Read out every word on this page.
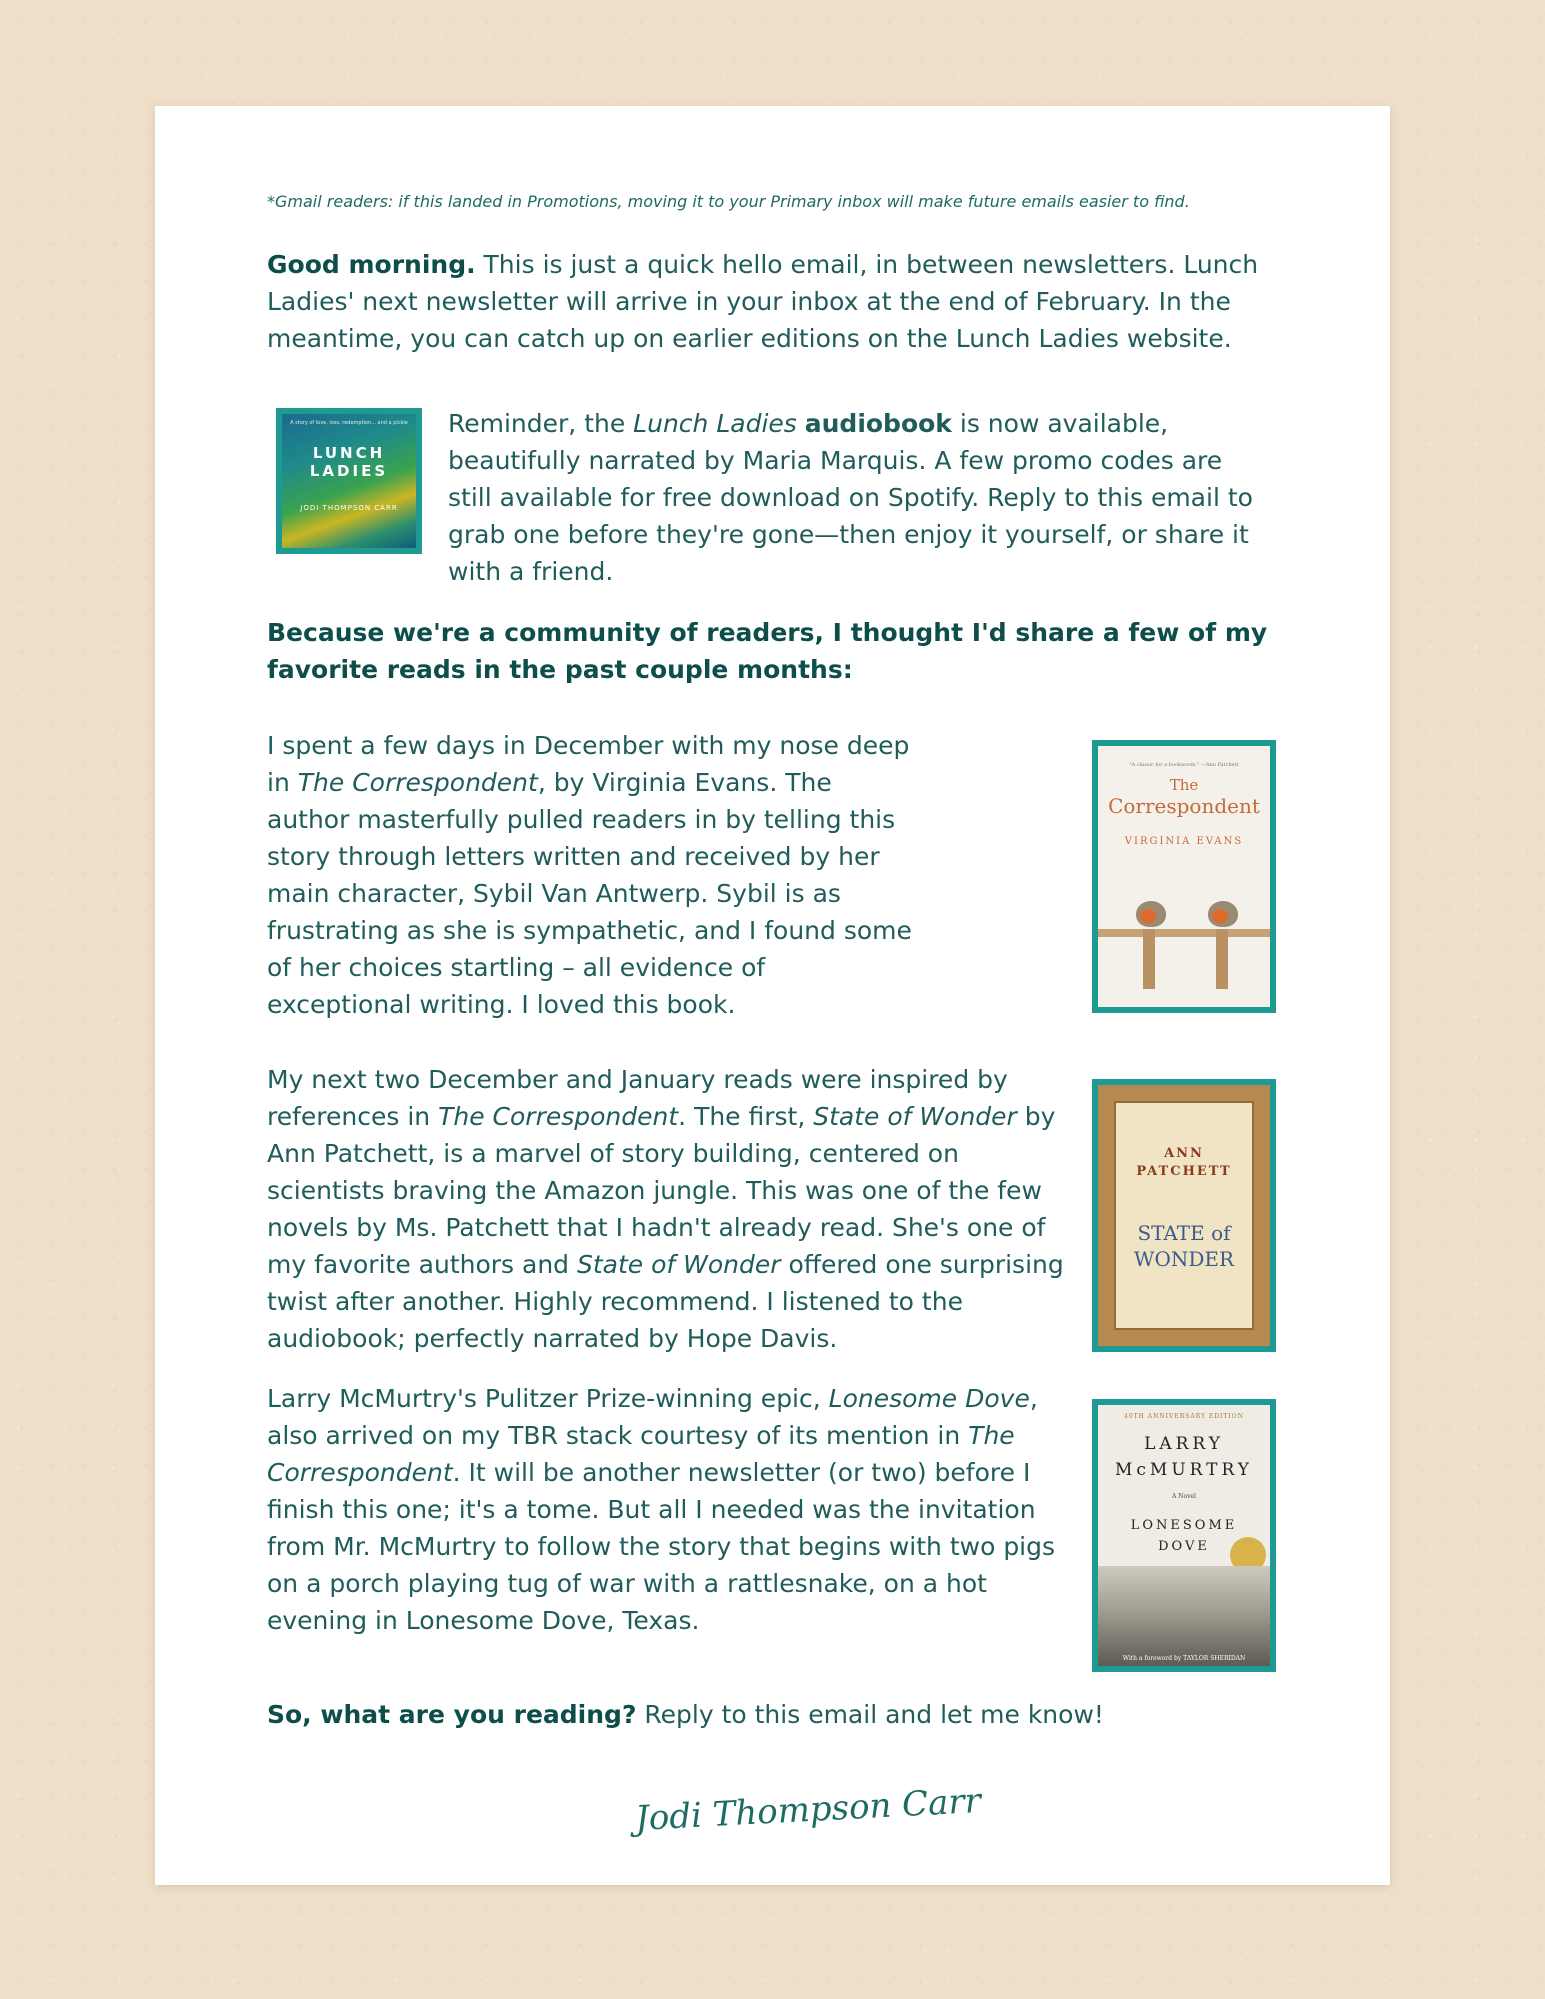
*Gmail readers: if this landed in Promotions, moving it to your Primary inbox will make future emails easier to find.
Good morning. This is just a quick hello email, in between newsletters. Lunch Ladies' next newsletter will arrive in your inbox at the end of February. In the meantime, you can catch up on earlier editions on the Lunch Ladies website.
A story of love, loss, redemption... and a pickle
LUNCH
LADIES
JODI THOMPSON CARR
Reminder, the Lunch Ladies audiobook is now available, beautifully narrated by Maria Marquis. A few promo codes are still available for free download on Spotify. Reply to this email to grab one before they're gone—then enjoy it yourself, or share it with a friend.
Because we're a community of readers, I thought I'd share a few of my favorite reads in the past couple months:
I spent a few days in December with my nose deep in The Correspondent, by Virginia Evans. The author masterfully pulled readers in by telling this story through letters written and received by her main character, Sybil Van Antwerp. Sybil is as frustrating as she is sympathetic, and I found some of her choices startling – all evidence of exceptional writing. I loved this book.
"A classic for a bookworm." —Ann Patchett
The
Correspondent
VIRGINIA EVANS
My next two December and January reads were inspired by references in The Correspondent. The first, State of Wonder by Ann Patchett, is a marvel of story building, centered on scientists braving the Amazon jungle. This was one of the few novels by Ms. Patchett that I hadn't already read. She's one of my favorite authors and State of Wonder offered one surprising twist after another. Highly recommend. I listened to the audiobook; perfectly narrated by Hope Davis.
ANN
PATCHETT
STATE of
WONDER
Larry McMurtry's Pulitzer Prize-winning epic, Lonesome Dove, also arrived on my TBR stack courtesy of its mention in The Correspondent. It will be another newsletter (or two) before I finish this one; it's a tome. But all I needed was the invitation from Mr. McMurtry to follow the story that begins with two pigs on a porch playing tug of war with a rattlesnake, on a hot evening in Lonesome Dove, Texas.
40TH ANNIVERSARY EDITION
LARRY
McMURTRY
A Novel
LONESOME
DOVE
With a foreword by TAYLOR SHERIDAN
So, what are you reading? Reply to this email and let me know!
Jodi Thompson Carr
